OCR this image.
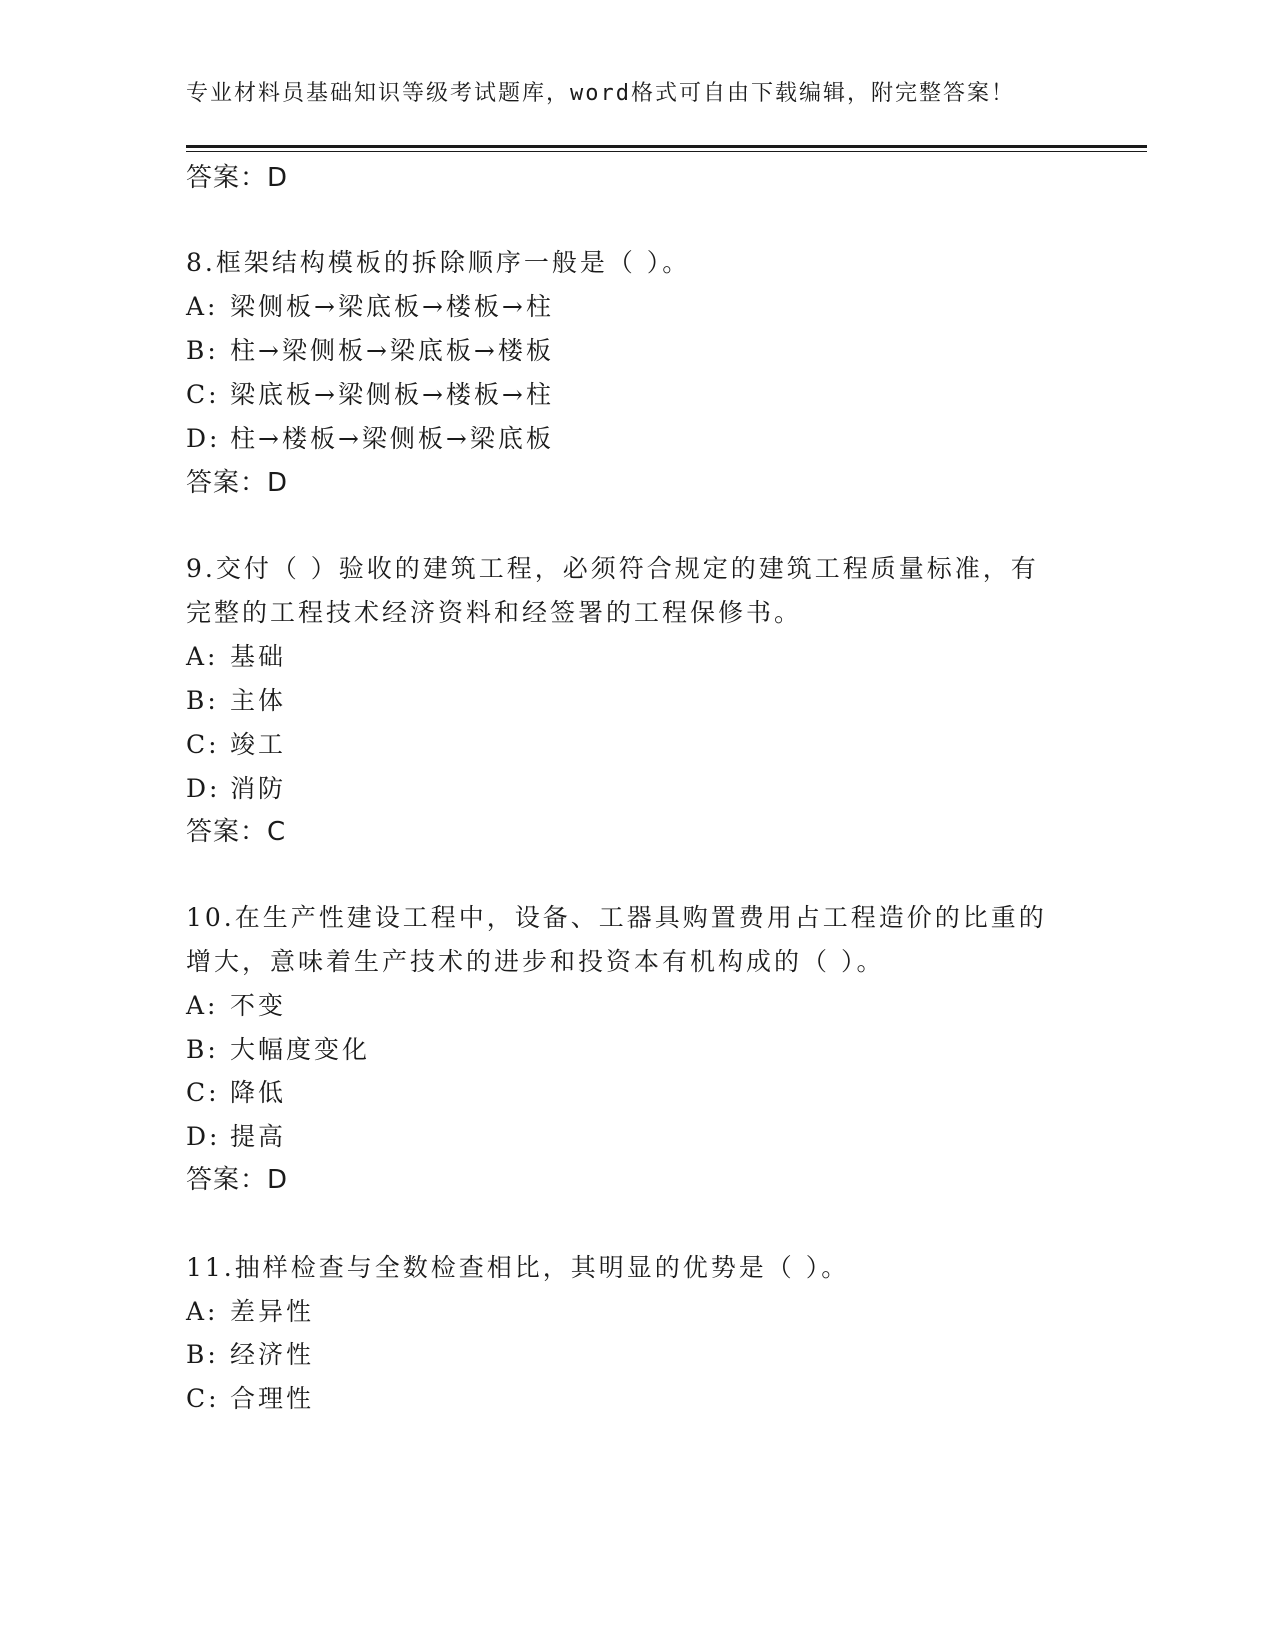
专业材料员基础知识等级考试题库，word格式可自由下载编辑，附完整答案！
答案：D
8.框架结构模板的拆除顺序一般是（ ）。
A: 梁侧板→梁底板→楼板→柱
B: 柱→梁侧板→梁底板→楼板
C: 梁底板→梁侧板→楼板→柱
D: 柱→楼板→梁侧板→梁底板
答案：D
9.交付（ ）验收的建筑工程，必须符合规定的建筑工程质量标准，有
完整的工程技术经济资料和经签署的工程保修书。
A: 基础
B: 主体
C: 竣工
D: 消防
答案：C
10.在生产性建设工程中，设备、工器具购置费用占工程造价的比重的
增大，意味着生产技术的进步和投资本有机构成的（ ）。
A: 不变
B: 大幅度变化
C: 降低
D: 提高
答案：D
11.抽样检查与全数检查相比，其明显的优势是（ ）。
A: 差异性
B: 经济性
C: 合理性
